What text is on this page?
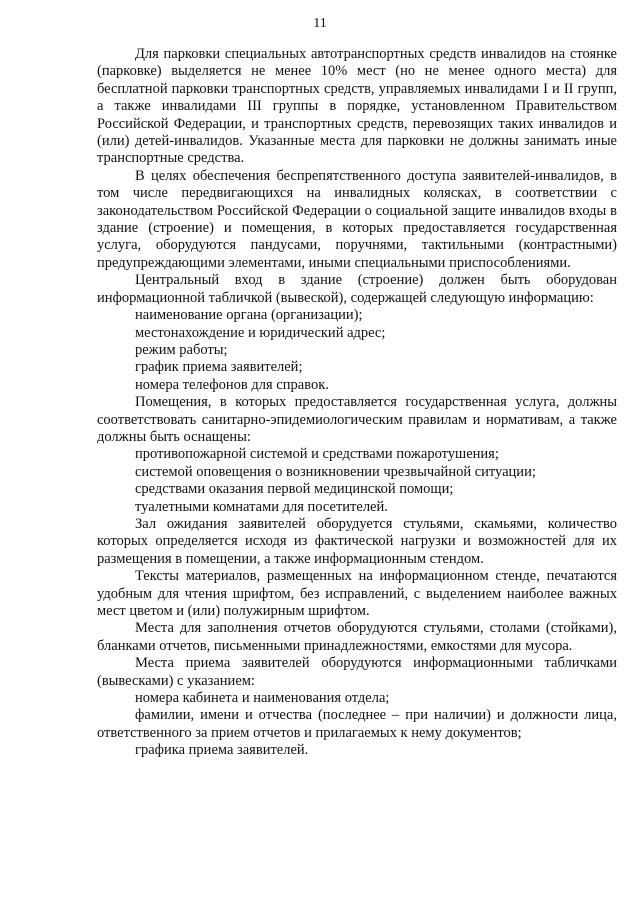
11

Для парковки специальных автотранспортных средств инвалидов на стоянке (парковке) выделяется не менее 10% мест (но не менее одного места) для бесплатной парковки транспортных средств, управляемых инвалидами I и II групп, а также инвалидами III группы в порядке, установленном Правительством Российской Федерации, и транспортных средств, перевозящих таких инвалидов и (или) детей-инвалидов. Указанные места для парковки не должны занимать иные транспортные средства.

В целях обеспечения беспрепятственного доступа заявителей-инвалидов, в том числе передвигающихся на инвалидных колясках, в соответствии с законодательством Российской Федерации о социальной защите инвалидов входы в здание (строение) и помещения, в которых предоставляется государственная услуга, оборудуются пандусами, поручнями, тактильными (контрастными) предупреждающими элементами, иными специальными приспособлениями.

Центральный вход в здание (строение) должен быть оборудован информационной табличкой (вывеской), содержащей следующую информацию:

наименование органа (организации);

местонахождение и юридический адрес;

режим работы;

график приема заявителей;

номера телефонов для справок.

Помещения, в которых предоставляется государственная услуга, должны соответствовать санитарно-эпидемиологическим правилам и нормативам, а также должны быть оснащены:

противопожарной системой и средствами пожаротушения;

системой оповещения о возникновении чрезвычайной ситуации;

средствами оказания первой медицинской помощи;

туалетными комнатами для посетителей.

Зал ожидания заявителей оборудуется стульями, скамьями, количество которых определяется исходя из фактической нагрузки и возможностей для их размещения в помещении, а также информационным стендом.

Тексты материалов, размещенных на информационном стенде, печатаются удобным для чтения шрифтом, без исправлений, с выделением наиболее важных мест цветом и (или) полужирным шрифтом.

Места для заполнения отчетов оборудуются стульями, столами (стойками), бланками отчетов, письменными принадлежностями, емкостями для мусора.

Места приема заявителей оборудуются информационными табличками (вывесками) с указанием:

номера кабинета и наименования отдела;

фамилии, имени и отчества (последнее – при наличии) и должности лица, ответственного за прием отчетов и прилагаемых к нему документов;

графика приема заявителей.
